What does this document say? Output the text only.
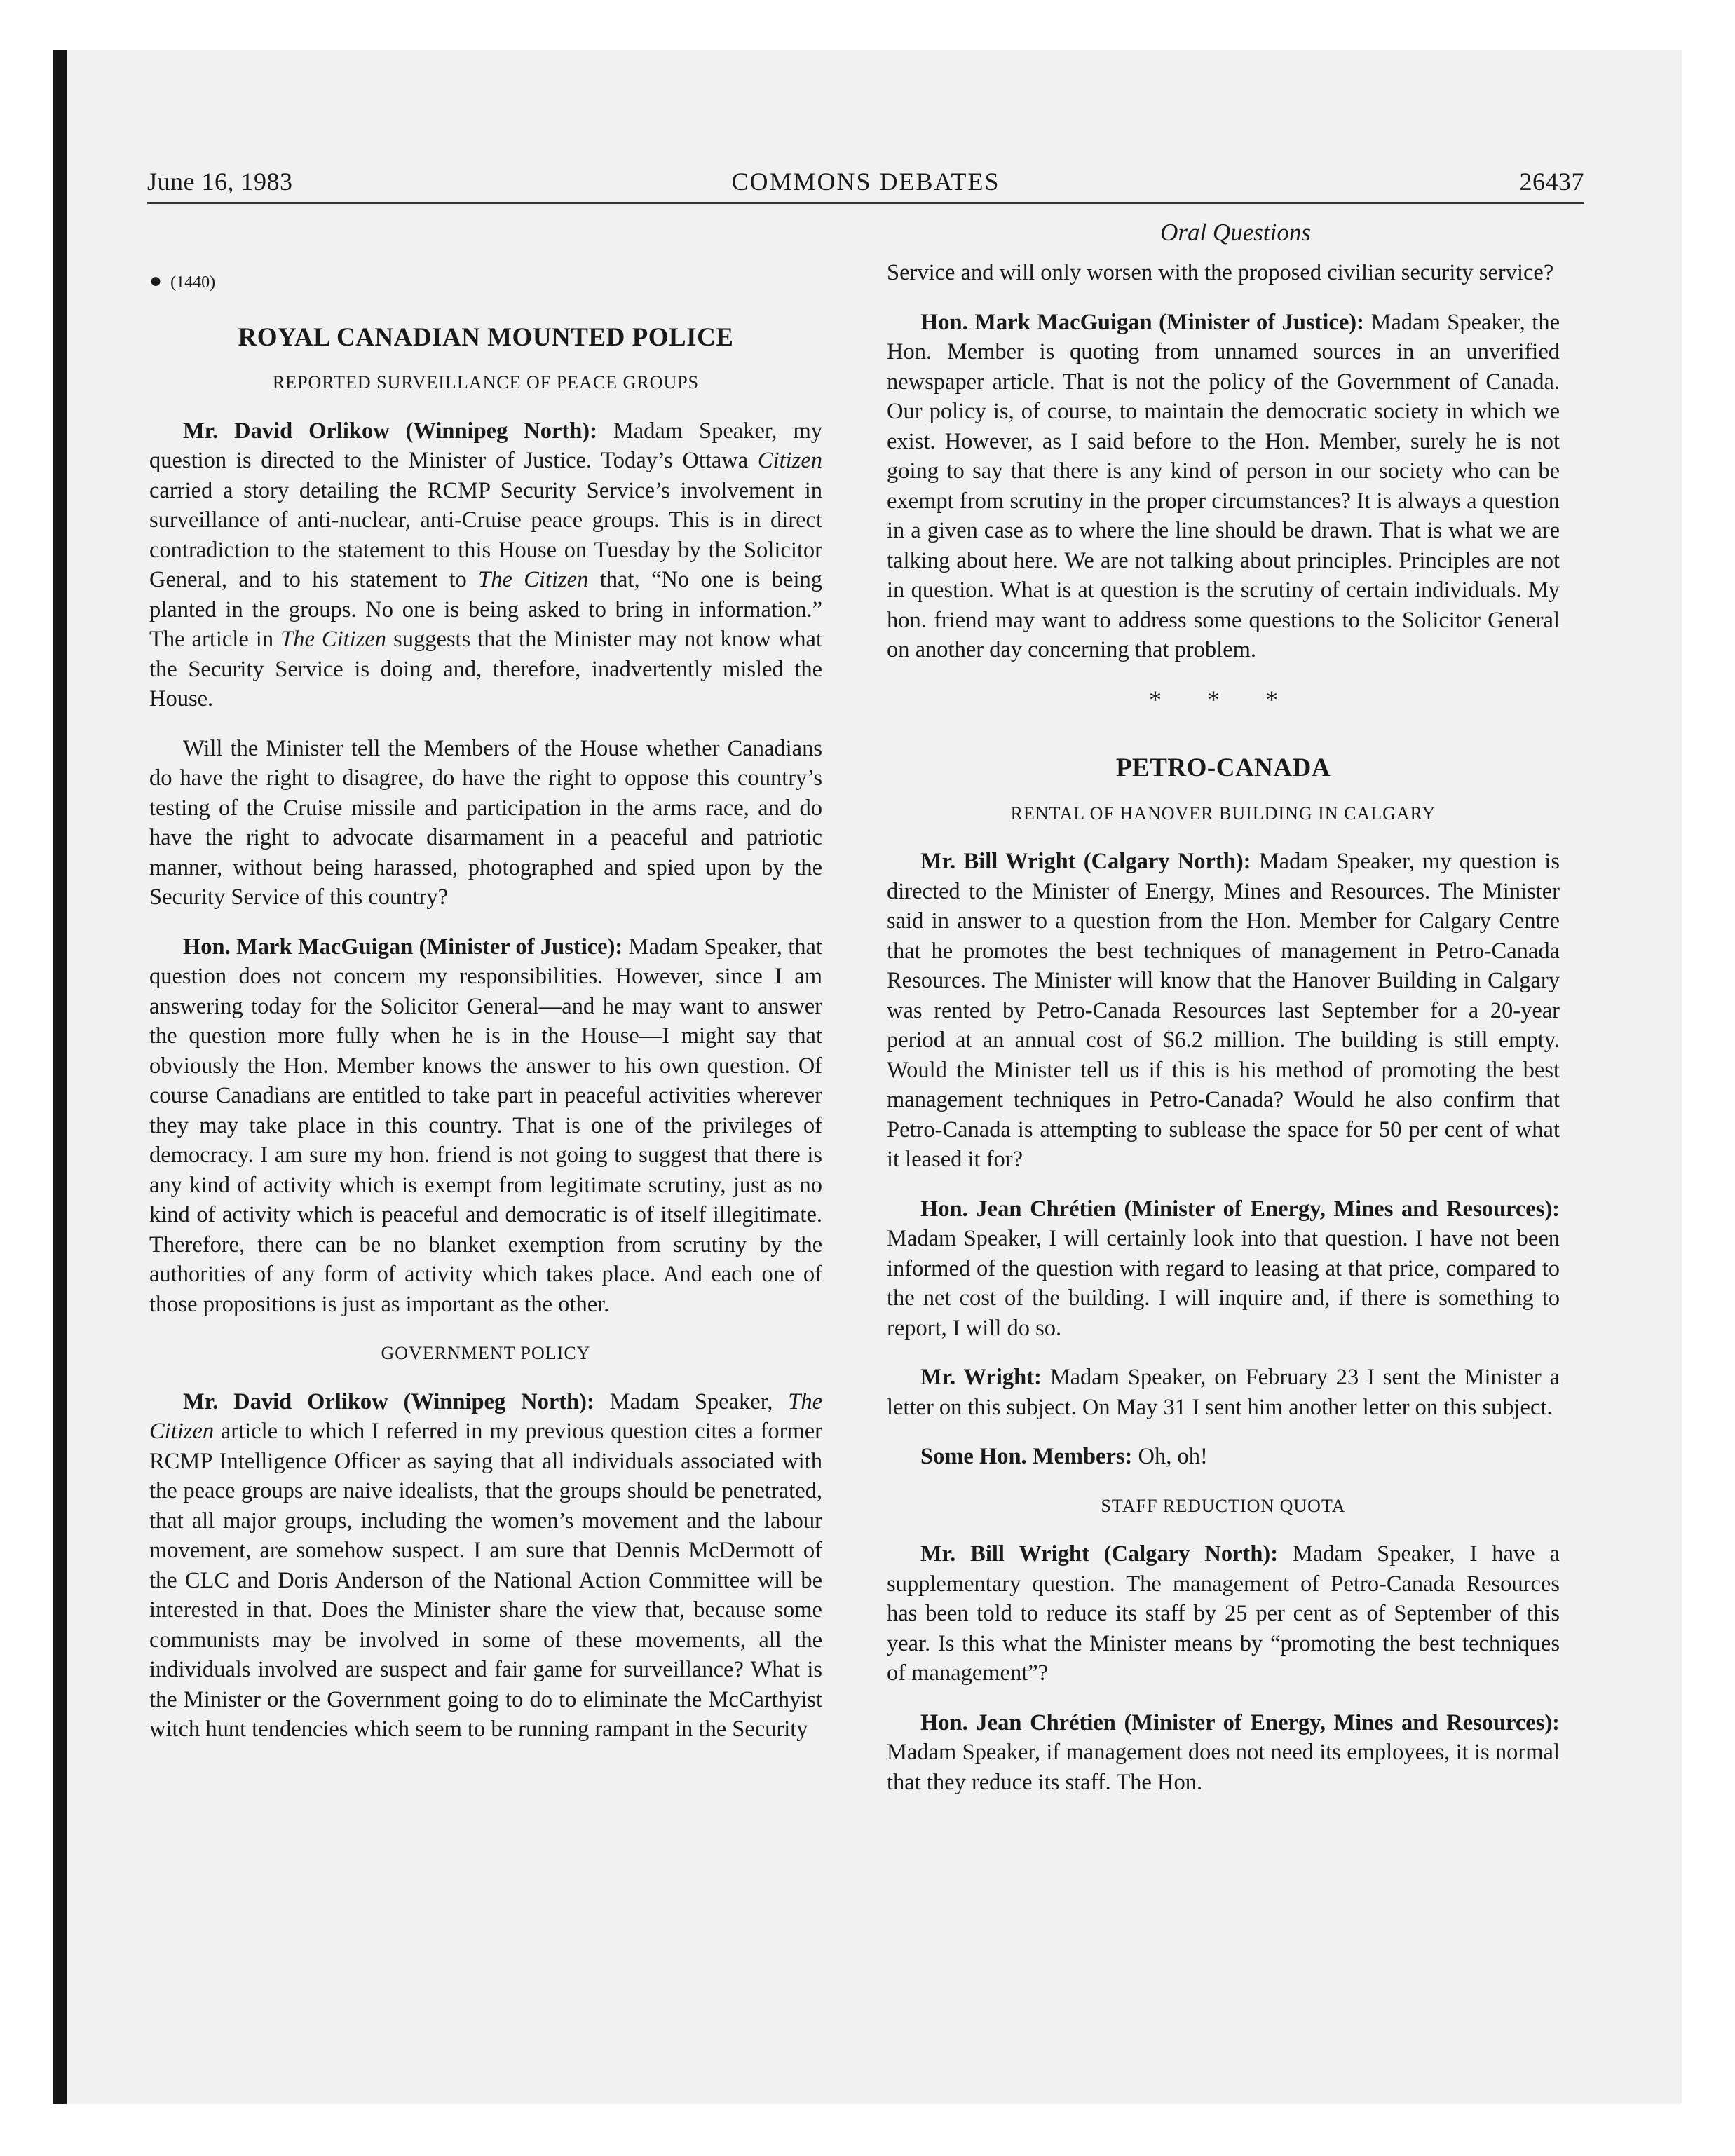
June 16, 1983	COMMONS DEBATES	26437
Oral Questions
● (1440)
ROYAL CANADIAN MOUNTED POLICE
REPORTED SURVEILLANCE OF PEACE GROUPS

Mr. David Orlikow (Winnipeg North): Madam Speaker, my question is directed to the Minister of Justice. Today’s Ottawa Citizen carried a story detailing the RCMP Security Service’s involvement in surveillance of anti-nuclear, anti-Cruise peace groups. This is in direct contradiction to the statement to this House on Tuesday by the Solicitor General, and to his statement to The Citizen that, “No one is being planted in the groups. No one is being asked to bring in information.” The article in The Citizen suggests that the Minister may not know what the Security Service is doing and, therefore, inadvertently misled the House.

Will the Minister tell the Members of the House whether Canadians do have the right to disagree, do have the right to oppose this country’s testing of the Cruise missile and participation in the arms race, and do have the right to advocate disarmament in a peaceful and patriotic manner, without being harassed, photographed and spied upon by the Security Service of this country?

Hon. Mark MacGuigan (Minister of Justice): Madam Speaker, that question does not concern my responsibilities. However, since I am answering today for the Solicitor General—and he may want to answer the question more fully when he is in the House—I might say that obviously the Hon. Member knows the answer to his own question. Of course Canadians are entitled to take part in peaceful activities wherever they may take place in this country. That is one of the privileges of democracy. I am sure my hon. friend is not going to suggest that there is any kind of activity which is exempt from legitimate scrutiny, just as no kind of activity which is peaceful and democratic is of itself illegitimate. Therefore, there can be no blanket exemption from scrutiny by the authorities of any form of activity which takes place. And each one of those propositions is just as important as the other.

GOVERNMENT POLICY

Mr. David Orlikow (Winnipeg North): Madam Speaker, The Citizen article to which I referred in my previous question cites a former RCMP Intelligence Officer as saying that all individuals associated with the peace groups are naive idealists, that the groups should be penetrated, that all major groups, including the women’s movement and the labour movement, are somehow suspect. I am sure that Dennis McDermott of the CLC and Doris Anderson of the National Action Committee will be interested in that. Does the Minister share the view that, because some communists may be involved in some of these movements, all the individuals involved are suspect and fair game for surveillance? What is the Minister or the Government going to do to eliminate the McCarthyist witch hunt tendencies which seem to be running rampant in the Security

Service and will only worsen with the proposed civilian security service?

Hon. Mark MacGuigan (Minister of Justice): Madam Speaker, the Hon. Member is quoting from unnamed sources in an unverified newspaper article. That is not the policy of the Government of Canada. Our policy is, of course, to maintain the democratic society in which we exist. However, as I said before to the Hon. Member, surely he is not going to say that there is any kind of person in our society who can be exempt from scrutiny in the proper circumstances? It is always a question in a given case as to where the line should be drawn. That is what we are talking about here. We are not talking about principles. Principles are not in question. What is at question is the scrutiny of certain individuals. My hon. friend may want to address some questions to the Solicitor General on another day concerning that problem.

* * *
PETRO-CANADA
RENTAL OF HANOVER BUILDING IN CALGARY

Mr. Bill Wright (Calgary North): Madam Speaker, my question is directed to the Minister of Energy, Mines and Resources. The Minister said in answer to a question from the Hon. Member for Calgary Centre that he promotes the best techniques of management in Petro-Canada Resources. The Minister will know that the Hanover Building in Calgary was rented by Petro-Canada Resources last September for a 20-year period at an annual cost of $6.2 million. The building is still empty. Would the Minister tell us if this is his method of promoting the best management techniques in Petro-Canada? Would he also confirm that Petro-Canada is attempting to sublease the space for 50 per cent of what it leased it for?

Hon. Jean Chrétien (Minister of Energy, Mines and Resources): Madam Speaker, I will certainly look into that question. I have not been informed of the question with regard to leasing at that price, compared to the net cost of the building. I will inquire and, if there is something to report, I will do so.

Mr. Wright: Madam Speaker, on February 23 I sent the Minister a letter on this subject. On May 31 I sent him another letter on this subject.

Some Hon. Members: Oh, oh!

STAFF REDUCTION QUOTA

Mr. Bill Wright (Calgary North): Madam Speaker, I have a supplementary question. The management of Petro-Canada Resources has been told to reduce its staff by 25 per cent as of September of this year. Is this what the Minister means by “promoting the best techniques of management”?

Hon. Jean Chrétien (Minister of Energy, Mines and Resources): Madam Speaker, if management does not need its employees, it is normal that they reduce its staff. The Hon.
